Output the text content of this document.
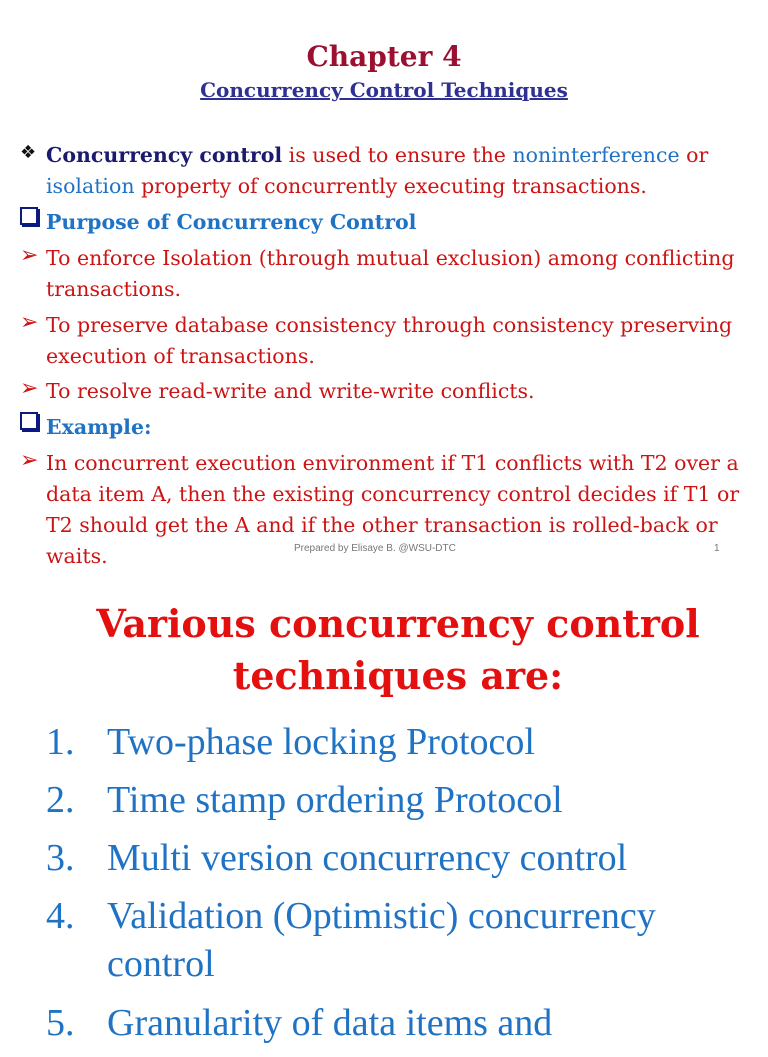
Chapter 4
Concurrency Control Techniques
❖ Concurrency control is used to ensure the noninterference or
isolation property of concurrently executing transactions.
Purpose of Concurrency Control
➢ To enforce Isolation (through mutual exclusion) among conflicting transactions.
➢ To preserve database consistency through consistency preserving execution of transactions.
➢ To resolve read-write and write-write conflicts.
Example:
➢ In concurrent execution environment if T1 conflicts with T2 over a data item A, then the existing concurrency control decides if T1 or T2 should get the A and if the other transaction is rolled-back or waits.	Prepared by Elisaye B. @WSU-DTC	1
Various concurrency control
techniques are:
1. Two-phase locking Protocol
2. Time stamp ordering Protocol
3. Multi version concurrency control
4. Validation (Optimistic) concurrency control
5. Granularity of data items and
